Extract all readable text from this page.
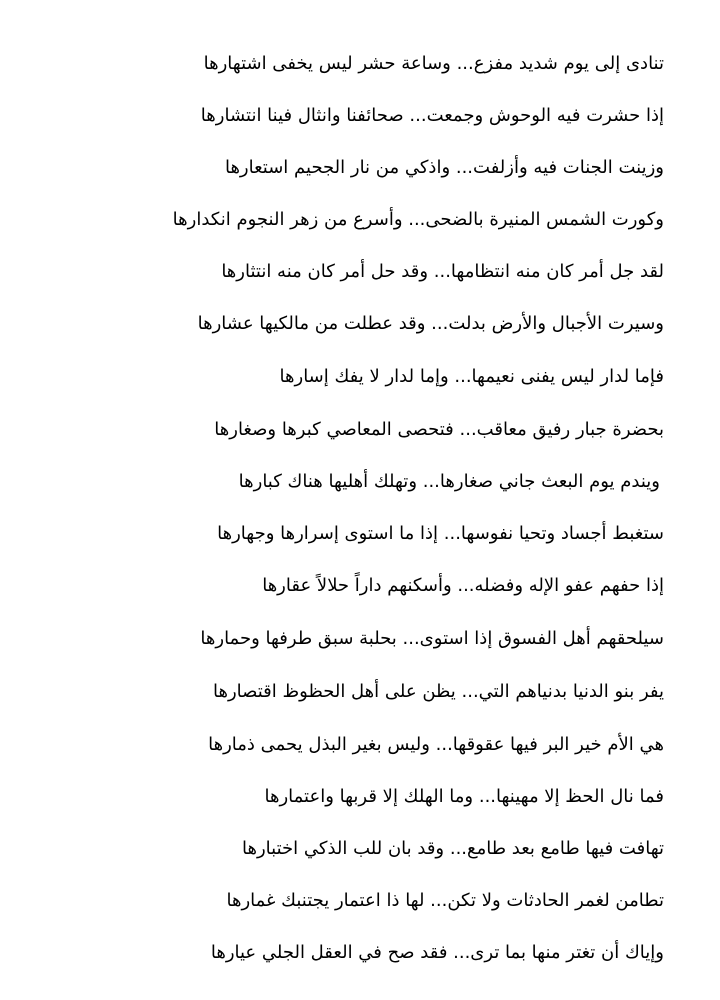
تنادى إلى يوم شديد مفزع... وساعة حشر ليس يخفى اشتهارها
إذا حشرت فيه الوحوش وجمعت... صحائفنا وانثال فينا انتشارها
وزينت الجنات فيه وأزلفت... واذكي من نار الجحيم استعارها
وكورت الشمس المنيرة بالضحى... وأسرع من زهر النجوم انكدارها
لقد جل أمر كان منه انتظامها... وقد حل أمر كان منه انتثارها
وسيرت الأجبال والأرض بدلت... وقد عطلت من مالكيها عشارها
فإما لدار ليس يفنى نعيمها... وإما لدار لا يفك إسارها
بحضرة جبار رفيق معاقب... فتحصى المعاصي كبرها وصغارها
ويندم يوم البعث جاني صغارها... وتهلك أهليها هناك كبارها
ستغبط أجساد وتحيا نفوسها... إذا ما استوى إسرارها وجهارها
إذا حفهم عفو الإله وفضله... وأسكنهم داراً حلالاً عقارها
سيلحقهم أهل الفسوق إذا استوى... بحلبة سبق طرفها وحمارها
يفر بنو الدنيا بدنياهم التي... يظن على أهل الحظوظ اقتصارها
هي الأم خير البر فيها عقوقها... وليس بغير البذل يحمى ذمارها
فما نال الحظ إلا مهينها... وما الهلك إلا قربها واعتمارها
تهافت فيها طامع بعد طامع... وقد بان للب الذكي اختبارها
تطامن لغمر الحادثات ولا تكن... لها ذا اعتمار يجتنبك غمارها
وإياك أن تغتر منها بما ترى... فقد صح في العقل الجلي عيارها
